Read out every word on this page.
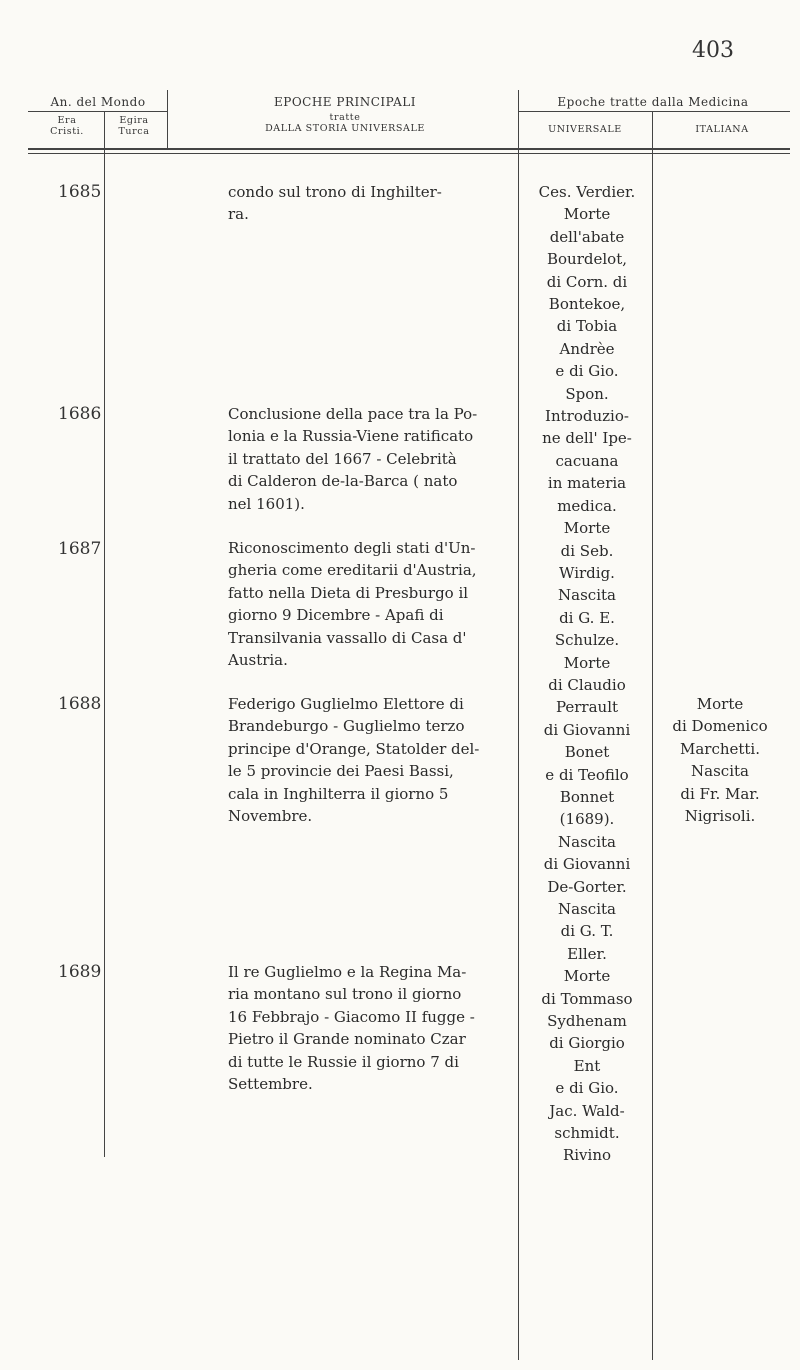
403
An. del Mondo
Era
Cristi.
Egira
Turca
EPOCHE PRINCIPALI
tratte
DALLA STORIA UNIVERSALE
Epoche tratte dalla Medicina
UNIVERSALE	ITALIANA
1685
1686
1687
1688
1689

condo sul trono di Inghilter-

ra.

Conclusione della pace tra la Po-

lonia e la Russia-Viene ratificato

il trattato del 1667 - Celebrità

di Calderon de-la-Barca ( nato

nel 1601).

Riconoscimento degli stati d'Un-

gheria come ereditarii d'Austria,

fatto nella Dieta di Presburgo il

giorno 9 Dicembre - Apafi di

Transilvania vassallo di Casa d'

Austria.

Federigo Guglielmo Elettore di

Brandeburgo - Guglielmo terzo

principe d'Orange, Statolder del-

le 5 provincie dei Paesi Bassi,

cala in Inghilterra il giorno 5

Novembre.

Il re Guglielmo e la Regina Ma-

ria montano sul trono il giorno

16 Febbrajo - Giacomo II fugge -

Pietro il Grande nominato Czar

di tutte le Russie il giorno 7 di

Settembre.

Ces. Verdier.
Morte
dell'abate
Bourdelot,
di Corn. di
Bontekoe,
di Tobia
Andrèe
e di Gio.
Spon.
Introduzio-
ne dell' Ipe-
cacuana
in materia
medica.
Morte
di Seb.
Wirdig.
Nascita
di G. E.
Schulze.
Morte
di Claudio
Perrault
di Giovanni
Bonet
e di Teofilo
Bonnet
(1689).
Nascita
di Giovanni
De-Gorter.
Nascita
di G. T.
Eller.
Morte
di Tommaso
Sydhenam
di Giorgio
Ent
e di Gio.
Jac. Wald-
schmidt.
Rivino
Morte
di Domenico
Marchetti.
Nascita
di Fr. Mar.
Nigrisoli.
